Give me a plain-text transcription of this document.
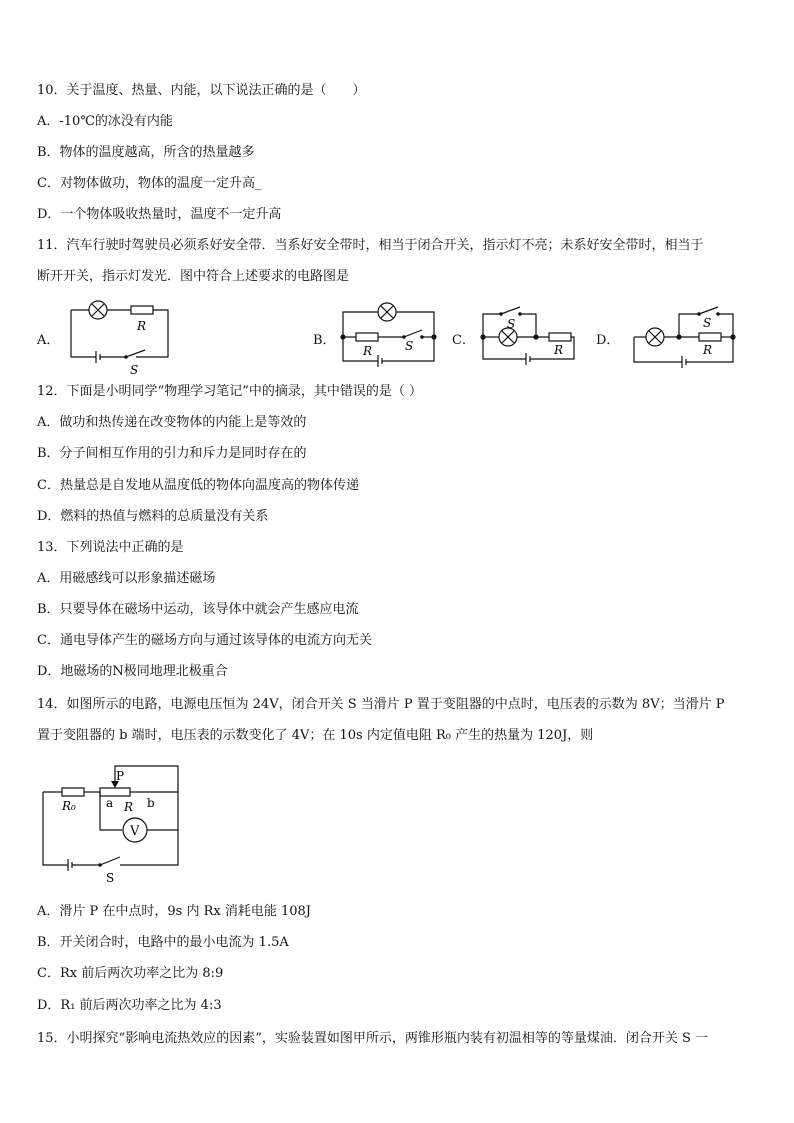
10．关于温度、热量、内能，以下说法正确的是（　　）
A．-10℃的冰没有内能
B．物体的温度越高，所含的热量越多
C．对物体做功，物体的温度一定升高_
D．一个物体吸收热量时，温度不一定升高
11．汽车行驶时驾驶员必须系好安全带．当系好安全带时，相当于闭合开关，指示灯不亮；未系好安全带时，相当于
断开开关，指示灯发光．图中符合上述要求的电路图是
A．
R
S
B．
R	S	C．
S
R
D．
S
R
12．下面是小明同学“物理学习笔记”中的摘录，其中错误的是（ ）
A．做功和热传递在改变物体的内能上是等效的
B．分子间相互作用的引力和斥力是同时存在的
C．热量总是自发地从温度低的物体向温度高的物体传递
D．燃料的热值与燃料的总质量没有关系
13．下列说法中正确的是
A．用磁感线可以形象描述磁场
B．只要导体在磁场中运动，该导体中就会产生感应电流
C．通电导体产生的磁场方向与通过该导体的电流方向无关
D．地磁场的N极同地理北极重合
14．如图所示的电路，电源电压恒为 24V，闭合开关 S 当滑片 P 置于变阻器的中点时，电压表的示数为 8V；当滑片 P
置于变阻器的 b 端时，电压表的示数变化了 4V；在 10s 内定值电阻 R₀ 产生的热量为 120J，则
P
R₀	a R b
V
S
A．滑片 P 在中点时，9s 内 Rx 消耗电能 108J
B．开关闭合时，电路中的最小电流为 1.5A
C．Rx 前后两次功率之比为 8:9
D．R₁ 前后两次功率之比为 4:3
15．小明探究“影响电流热效应的因素”，实验装置如图甲所示，两锥形瓶内装有初温相等的等量煤油．闭合开关 S 一
